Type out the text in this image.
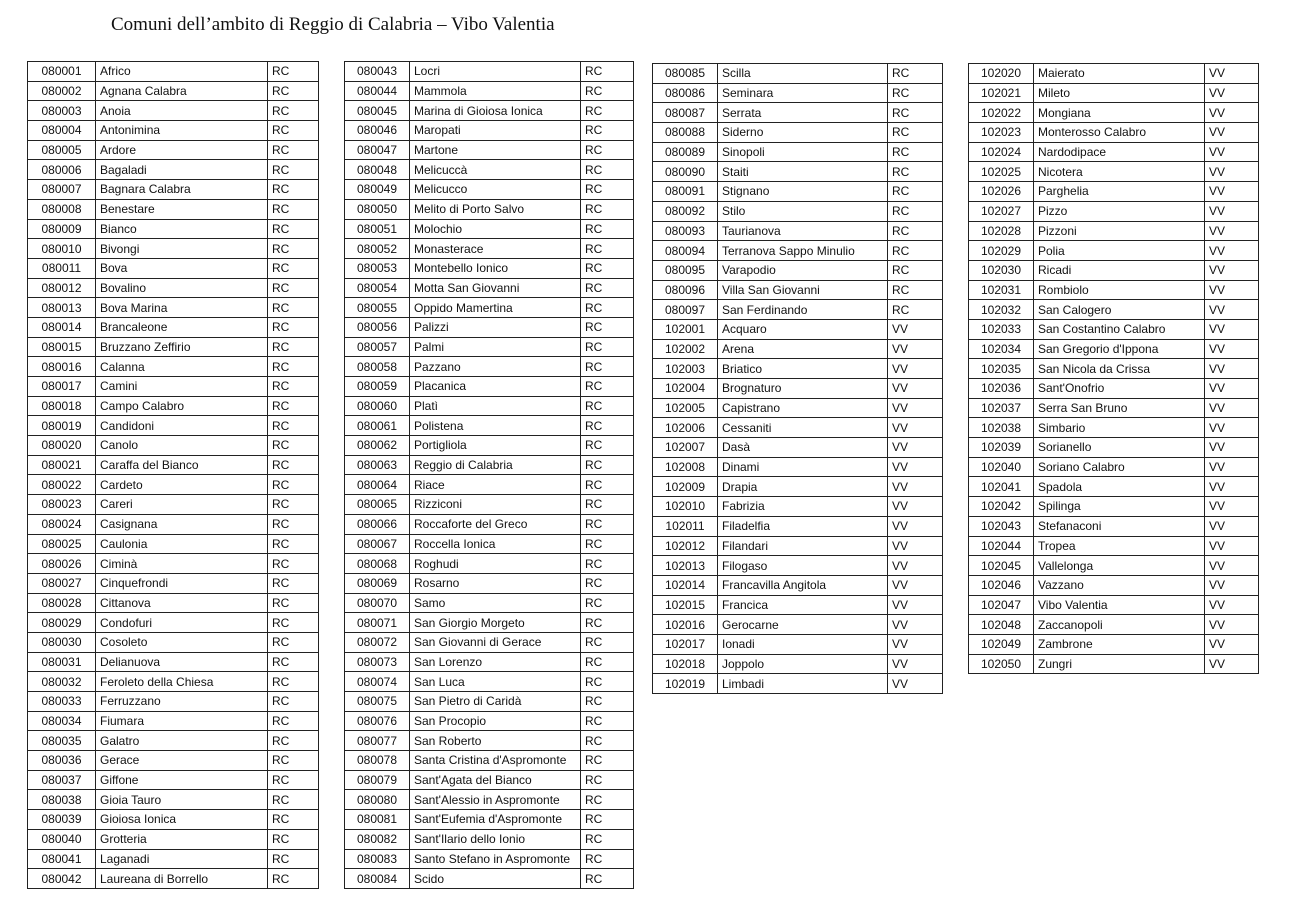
Comuni dell’ambito di Reggio di Calabria – Vibo Valentia
080001	Africo	RC
080002	Agnana Calabra	RC
080003	Anoia	RC
080004	Antonimina	RC
080005	Ardore	RC
080006	Bagaladi	RC
080007	Bagnara Calabra	RC
080008	Benestare	RC
080009	Bianco	RC
080010	Bivongi	RC
080011	Bova	RC
080012	Bovalino	RC
080013	Bova Marina	RC
080014	Brancaleone	RC
080015	Bruzzano Zeffirio	RC
080016	Calanna	RC
080017	Camini	RC
080018	Campo Calabro	RC
080019	Candidoni	RC
080020	Canolo	RC
080021	Caraffa del Bianco	RC
080022	Cardeto	RC
080023	Careri	RC
080024	Casignana	RC
080025	Caulonia	RC
080026	Ciminà	RC
080027	Cinquefrondi	RC
080028	Cittanova	RC
080029	Condofuri	RC
080030	Cosoleto	RC
080031	Delianuova	RC
080032	Feroleto della Chiesa	RC
080033	Ferruzzano	RC
080034	Fiumara	RC
080035	Galatro	RC
080036	Gerace	RC
080037	Giffone	RC
080038	Gioia Tauro	RC
080039	Gioiosa Ionica	RC
080040	Grotteria	RC
080041	Laganadi	RC
080042	Laureana di Borrello	RC
080043	Locri	RC
080044	Mammola	RC
080045	Marina di Gioiosa Ionica	RC
080046	Maropati	RC
080047	Martone	RC
080048	Melicuccà	RC
080049	Melicucco	RC
080050	Melito di Porto Salvo	RC
080051	Molochio	RC
080052	Monasterace	RC
080053	Montebello Ionico	RC
080054	Motta San Giovanni	RC
080055	Oppido Mamertina	RC
080056	Palizzi	RC
080057	Palmi	RC
080058	Pazzano	RC
080059	Placanica	RC
080060	Platì	RC
080061	Polistena	RC
080062	Portigliola	RC
080063	Reggio di Calabria	RC
080064	Riace	RC
080065	Rizziconi	RC
080066	Roccaforte del Greco	RC
080067	Roccella Ionica	RC
080068	Roghudi	RC
080069	Rosarno	RC
080070	Samo	RC
080071	San Giorgio Morgeto	RC
080072	San Giovanni di Gerace	RC
080073	San Lorenzo	RC
080074	San Luca	RC
080075	San Pietro di Caridà	RC
080076	San Procopio	RC
080077	San Roberto	RC
080078	Santa Cristina d'Aspromonte	RC
080079	Sant'Agata del Bianco	RC
080080	Sant'Alessio in Aspromonte	RC
080081	Sant'Eufemia d'Aspromonte	RC
080082	Sant'Ilario dello Ionio	RC
080083	Santo Stefano in Aspromonte	RC
080084	Scido	RC
080085	Scilla	RC
080086	Seminara	RC
080087	Serrata	RC
080088	Siderno	RC
080089	Sinopoli	RC
080090	Staiti	RC
080091	Stignano	RC
080092	Stilo	RC
080093	Taurianova	RC
080094	Terranova Sappo Minulio	RC
080095	Varapodio	RC
080096	Villa San Giovanni	RC
080097	San Ferdinando	RC
102001	Acquaro	VV
102002	Arena	VV
102003	Briatico	VV
102004	Brognaturo	VV
102005	Capistrano	VV
102006	Cessaniti	VV
102007	Dasà	VV
102008	Dinami	VV
102009	Drapia	VV
102010	Fabrizia	VV
102011	Filadelfia	VV
102012	Filandari	VV
102013	Filogaso	VV
102014	Francavilla Angitola	VV
102015	Francica	VV
102016	Gerocarne	VV
102017	Ionadi	VV
102018	Joppolo	VV
102019	Limbadi	VV
102020	Maierato	VV
102021	Mileto	VV
102022	Mongiana	VV
102023	Monterosso Calabro	VV
102024	Nardodipace	VV
102025	Nicotera	VV
102026	Parghelia	VV
102027	Pizzo	VV
102028	Pizzoni	VV
102029	Polia	VV
102030	Ricadi	VV
102031	Rombiolo	VV
102032	San Calogero	VV
102033	San Costantino Calabro	VV
102034	San Gregorio d'Ippona	VV
102035	San Nicola da Crissa	VV
102036	Sant'Onofrio	VV
102037	Serra San Bruno	VV
102038	Simbario	VV
102039	Sorianello	VV
102040	Soriano Calabro	VV
102041	Spadola	VV
102042	Spilinga	VV
102043	Stefanaconi	VV
102044	Tropea	VV
102045	Vallelonga	VV
102046	Vazzano	VV
102047	Vibo Valentia	VV
102048	Zaccanopoli	VV
102049	Zambrone	VV
102050	Zungri	VV
